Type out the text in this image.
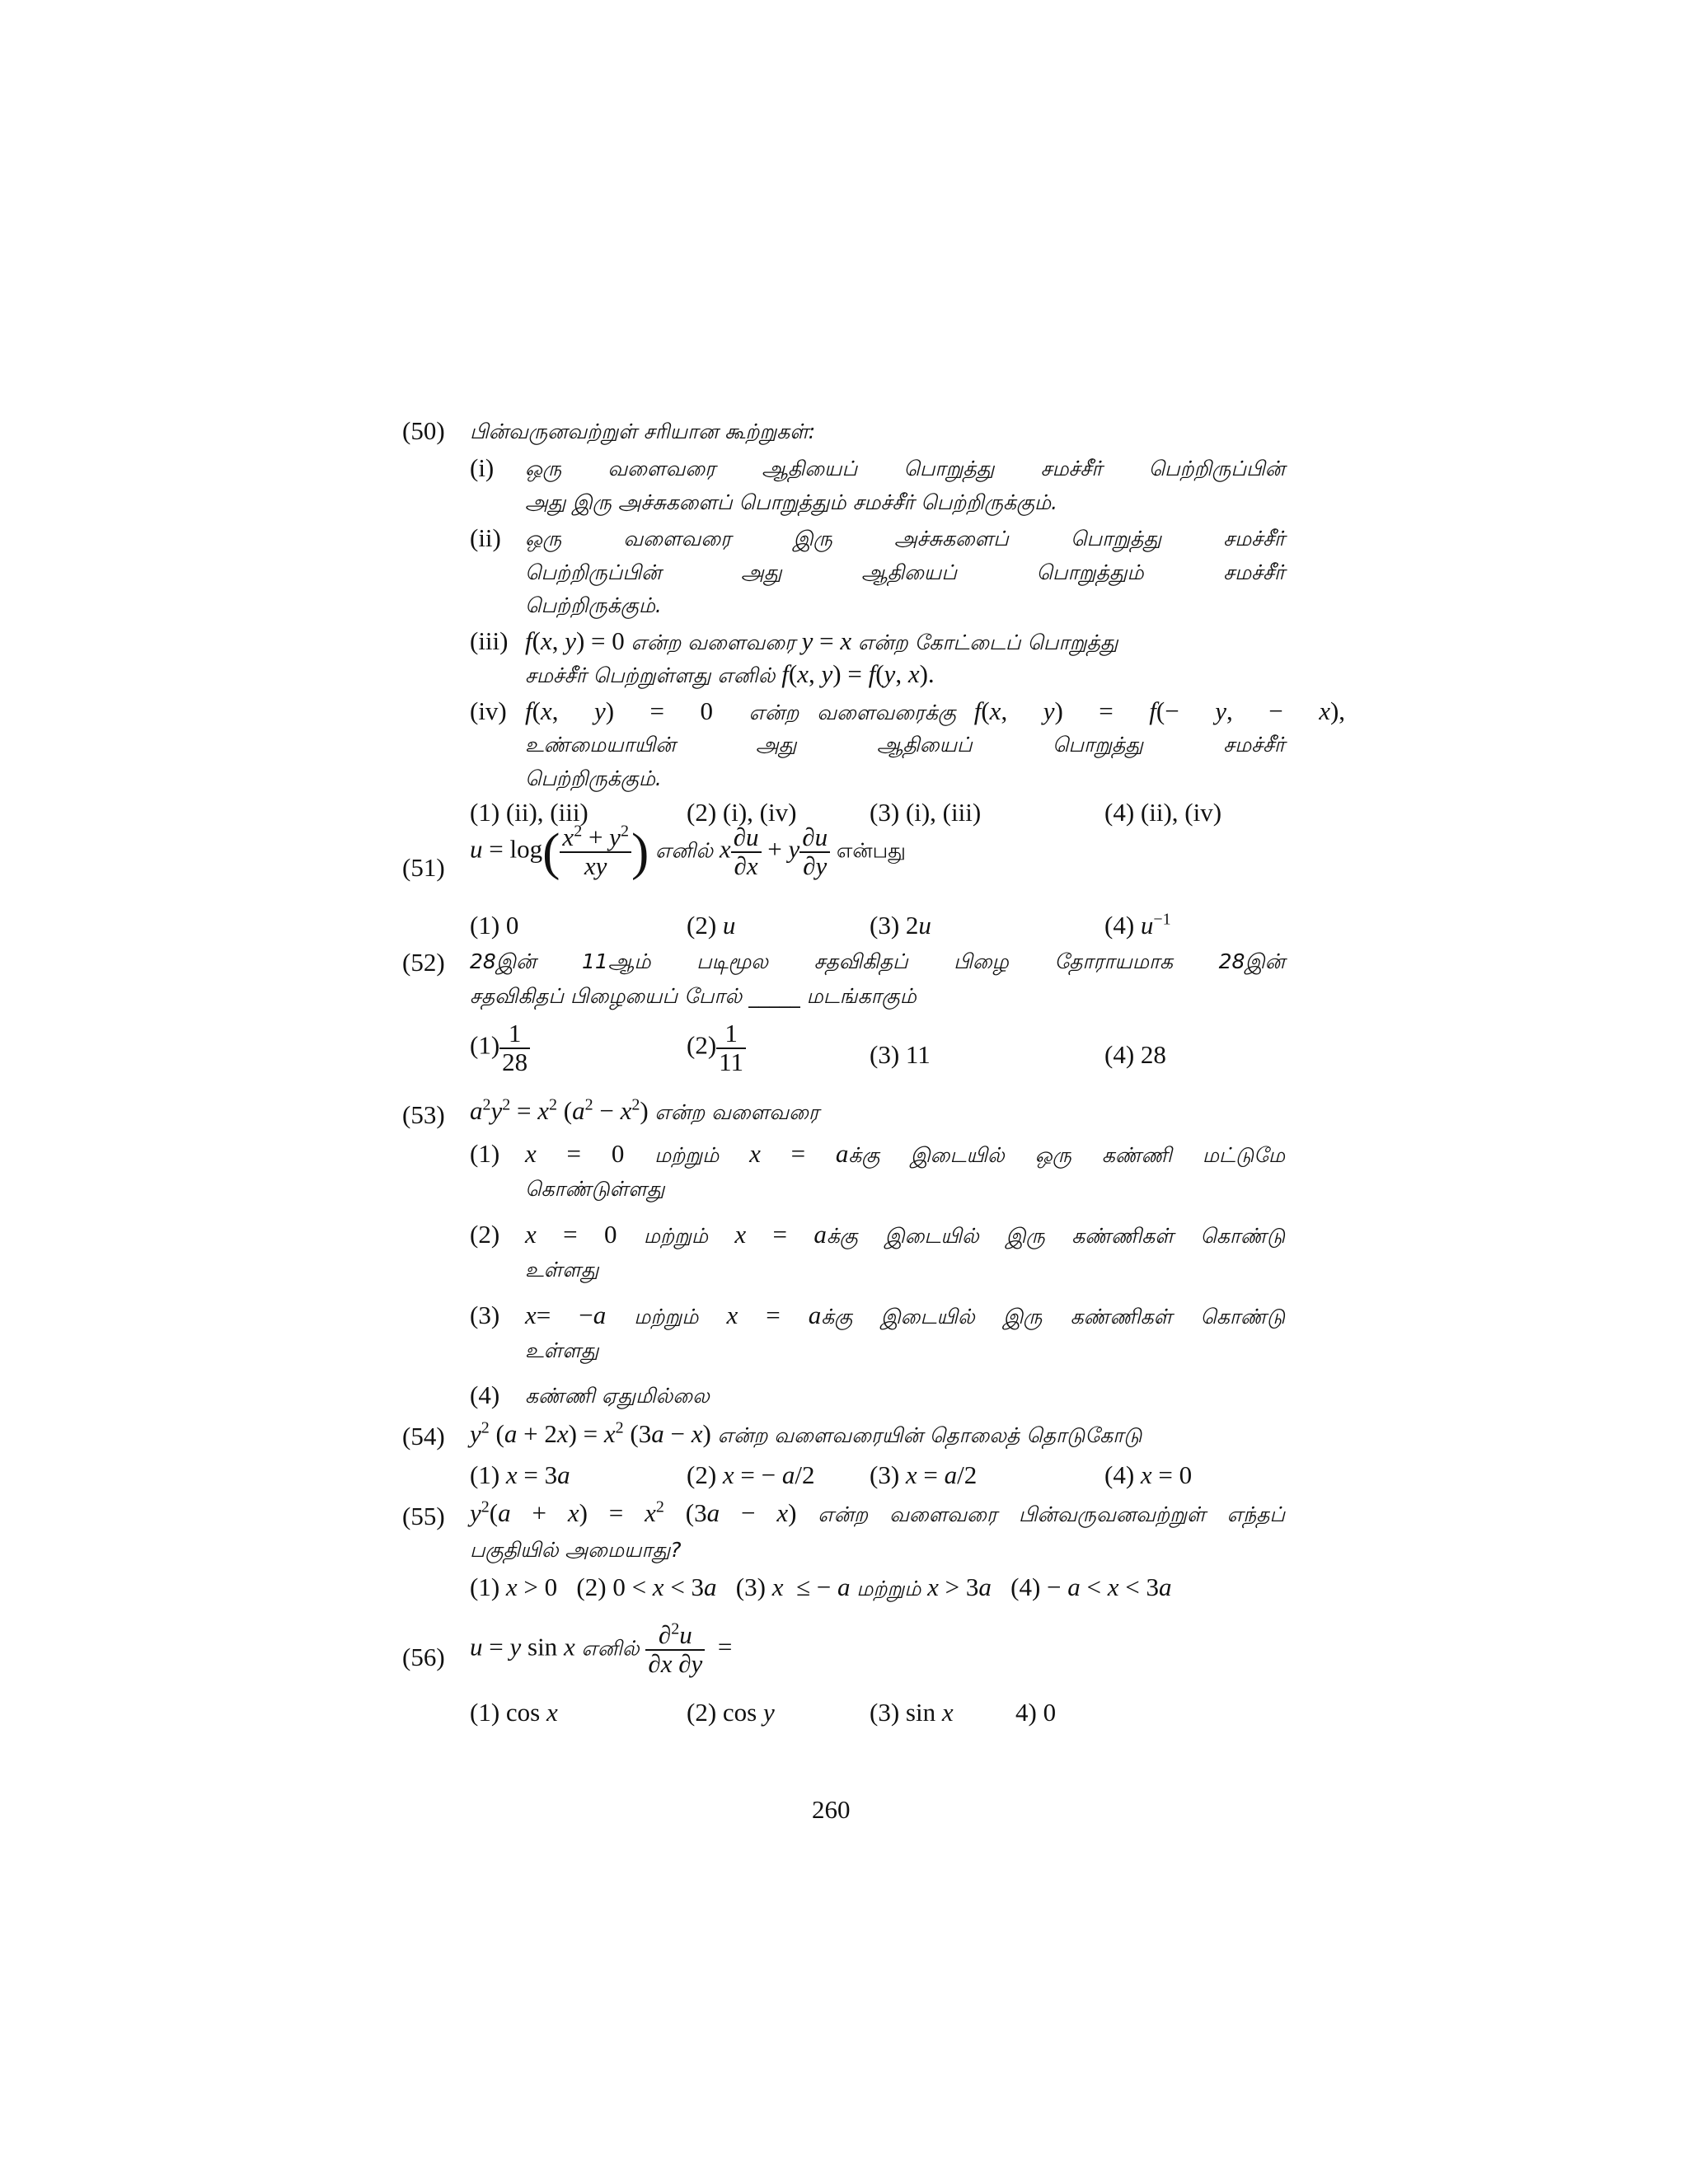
(50) பின்வருனவற்றுள் சரியான கூற்றுகள்:
(i) ஒரு வளைவரை ஆதியைப் பொறுத்து சமச்சீர் பெற்றிருப்பின்
அது இரு அச்சுகளைப் பொறுத்தும் சமச்சீர் பெற்றிருக்கும்.
(ii) ஒரு வளைவரை இரு அச்சுகளைப் பொறுத்து சமச்சீர்
பெற்றிருப்பின் அது ஆதியைப் பொறுத்தும் சமச்சீர்
பெற்றிருக்கும்.
(iii) f(x, y) = 0 என்ற வளைவரை y = x என்ற கோட்டைப் பொறுத்து
சமச்சீர் பெற்றுள்ளது எனில் f(x, y) = f(y, x).
(iv) f(x,  y)  =  0  என்ற வளைவரைக்கு f(x,  y)  =  f(−  y,  −  x),
உண்மையாயின் அது ஆதியைப் பொறுத்து சமச்சீர்
பெற்றிருக்கும்.
(1) (ii), (iii)	(2) (i), (iv)	(3) (i), (iii)	(4) (ii), (iv)
(51)
$u = \log( \frac{x^2 + y^2}{xy}$ ) எனில் x $\frac{\partial u}{\partial x} + y \frac{\partial u}{\partial y}$ என்பது
(1) 0	(2) u	(3) 2u	(4) $u^{-1}$
(52) 28இன் 11ஆம் படிமூல சதவிகிதப் பிழை தோராயமாக 28இன்
சதவிகிதப் பிழையைப் போல் _____ மடங்காகும்
$(1) \frac{1}{28}$	$(2) \frac{1}{11}$	(3) 11	(4) 28
(53) $a^2y^2 = x^2$ $(a^2 - x^2)$ என்ற வளைவரை
(1) x = 0 மற்றும் x = aக்கு இடையில் ஒரு கண்ணி மட்டுமே
கொண்டுள்ளது
(2) x = 0 மற்றும் x = aக்கு இடையில் இரு கண்ணிகள் கொண்டு
உள்ளது
(3) x= −a மற்றும் x = aக்கு இடையில் இரு கண்ணிகள் கொண்டு
உள்ளது
(4) கண்ணி ஏதுமில்லை
(54) $y^2$ $(a + 2x) = x^2$ (3a − x) என்ற வளைவரையின் தொலைத் தொடுகோடு
(1) x = 3a	(2) x = − a/2 (3) x = a/2	(4) x = 0
(55) $y^2(a + x) = x^2$ (3a − x) என்ற வளைவரை பின்வருவனவற்றுள் எந்தப்
பகுதியில் அமையாது?
(1) x > 0 (2) 0 < x < 3a (3) x  ≤ − a மற்றும் x > 3a (4) − a < x < 3a
(56) u = y sin x எனில் $\frac{\partial^2u}{\partial x \partial y}$ =
(1) cos x	(2) cos y	(3) sin x 4) 0
260
